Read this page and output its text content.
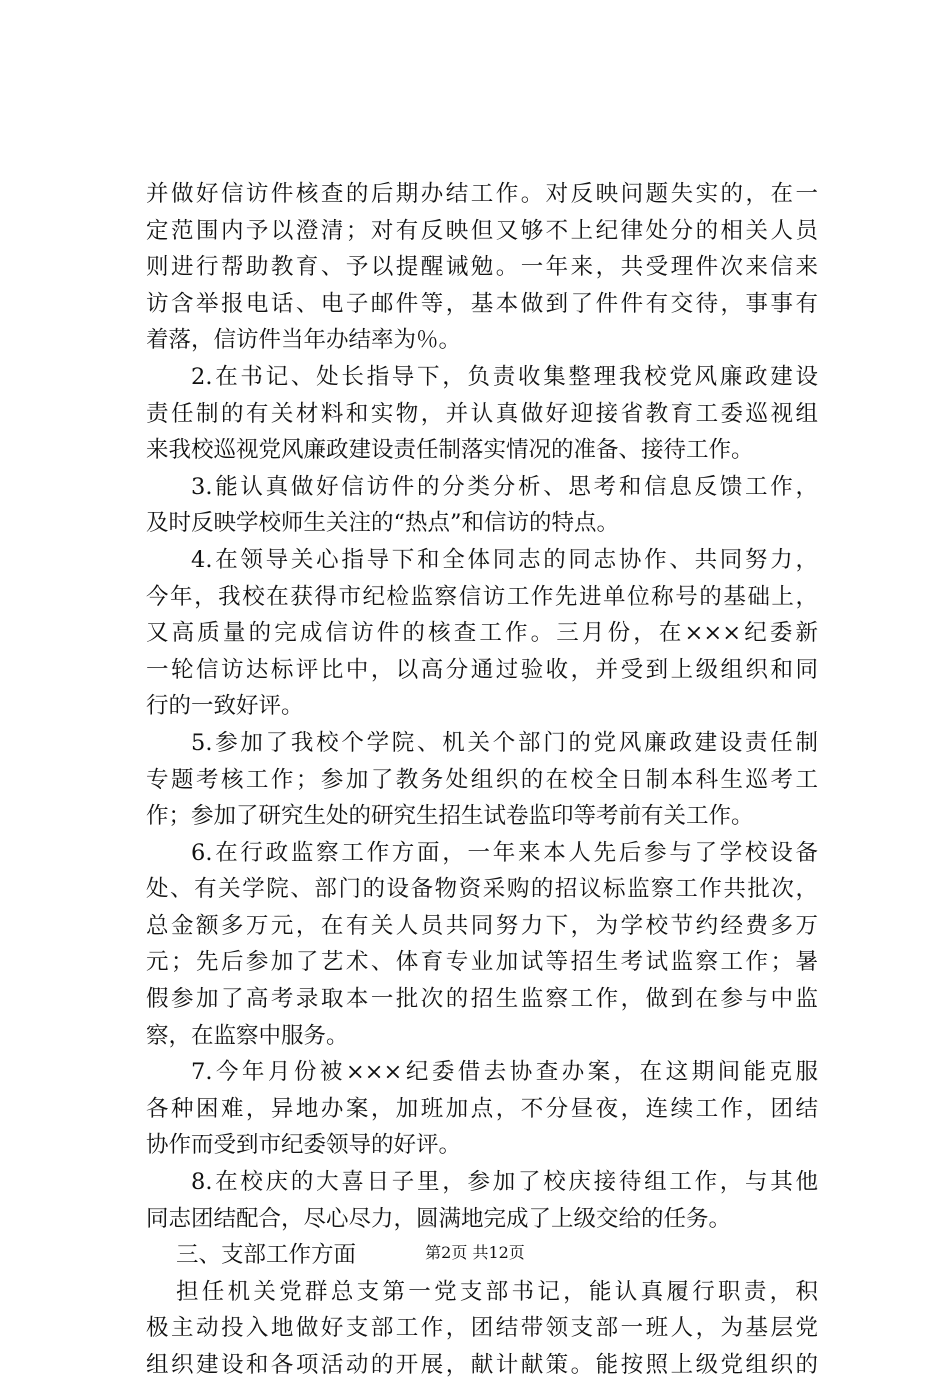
并做好信访件核查的后期办结工作。对反映问题失实的，在一
定范围内予以澄清；对有反映但又够不上纪律处分的相关人员
则进行帮助教育、予以提醒诫勉。一年来，共受理件次来信来
访含举报电话、电子邮件等，基本做到了件件有交待，事事有
着落，信访件当年办结率为％。
2.在书记、处长指导下，负责收集整理我校党风廉政建设
责任制的有关材料和实物，并认真做好迎接省教育工委巡视组
来我校巡视党风廉政建设责任制落实情况的准备、接待工作。
3.能认真做好信访件的分类分析、思考和信息反馈工作，
及时反映学校师生关注的“热点”和信访的特点。
4.在领导关心指导下和全体同志的同志协作、共同努力，
今年，我校在获得市纪检监察信访工作先进单位称号的基础上，
又高质量的完成信访件的核查工作。三月份，在×××纪委新
一轮信访达标评比中，以高分通过验收，并受到上级组织和同
行的一致好评。
5.参加了我校个学院、机关个部门的党风廉政建设责任制
专题考核工作；参加了教务处组织的在校全日制本科生巡考工
作；参加了研究生处的研究生招生试卷监印等考前有关工作。
6.在行政监察工作方面，一年来本人先后参与了学校设备
处、有关学院、部门的设备物资采购的招议标监察工作共批次，
总金额多万元，在有关人员共同努力下，为学校节约经费多万
元；先后参加了艺术、体育专业加试等招生考试监察工作；暑
假参加了高考录取本一批次的招生监察工作，做到在参与中监
察，在监察中服务。
7.今年月份被×××纪委借去协查办案，在这期间能克服
各种困难，异地办案，加班加点，不分昼夜，连续工作，团结
协作而受到市纪委领导的好评。
8.在校庆的大喜日子里，参加了校庆接待组工作，与其他
同志团结配合，尽心尽力，圆满地完成了上级交给的任务。
三、支部工作方面
担任机关党群总支第一党支部书记，能认真履行职责，积
极主动投入地做好支部工作，团结带领支部一班人，为基层党
组织建设和各项活动的开展，献计献策。能按照上级党组织的
第2页 共12页
